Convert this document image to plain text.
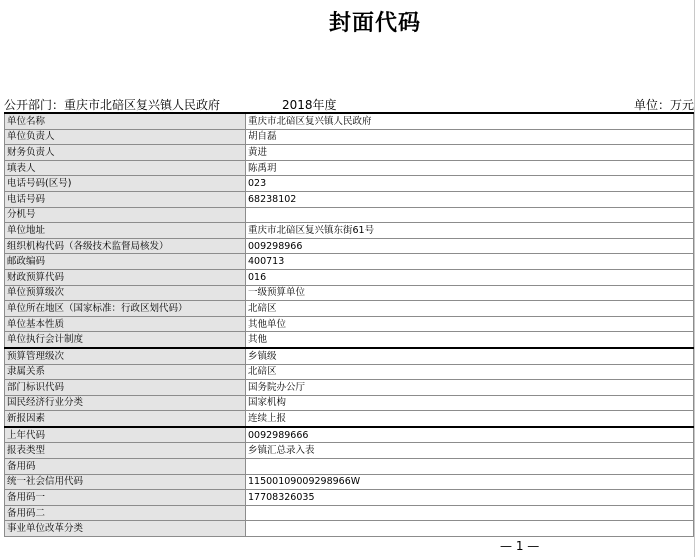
封面代码
公开部门：重庆市北碚区复兴镇人民政府	2018年度	单位：万元
单位名称	重庆市北碚区复兴镇人民政府
单位负责人	胡自磊
财务负责人	黄进
填表人	陈禹玥
电话号码(区号)	023
电话号码	68238102
分机号	
单位地址	重庆市北碚区复兴镇东街61号
组织机构代码（各级技术监督局核发）	009298966
邮政编码	400713
财政预算代码	016
单位预算级次	一级预算单位
单位所在地区（国家标准：行政区划代码）	北碚区
单位基本性质	其他单位
单位执行会计制度	其他
预算管理级次	乡镇级
隶属关系	北碚区
部门标识代码	国务院办公厅
国民经济行业分类	国家机构
新报因素	连续上报
上年代码	0092989666
报表类型	乡镇汇总录入表
备用码	
统一社会信用代码	115001090092989​66W
备用码一	17708326035
备用码二	
事业单位改革分类	
— 1 —
